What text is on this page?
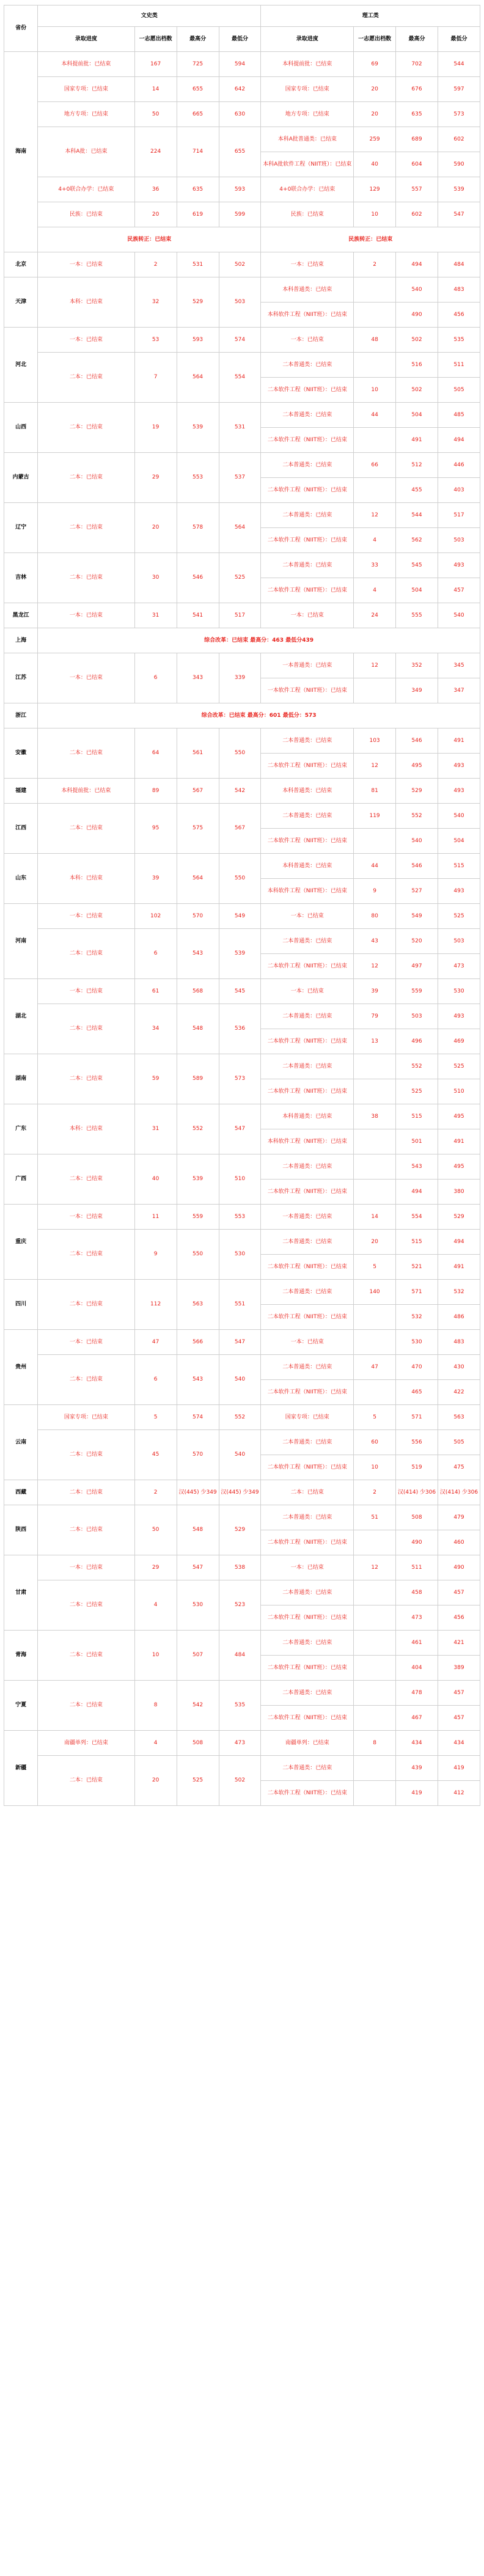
省份	文史类				理工类			
	录取进度	一志愿出档数	最高分	最低分	录取进度	一志愿出档数	最高分	最低分
海南	本科提前批：已结束	167	725	594	本科提前批：已结束	69	702	544
	国家专项：已结束	14	655	642	国家专项：已结束	20	676	597
	地方专项：已结束	50	665	630	地方专项：已结束	20	635	573
	本科A批：已结束	224	714	655	本科A批普通类：已结束	259	689	602
					本科A批软件工程（NIIT班）：已结束	40	604	590
	4+0联合办学：已结束	36	635	593	4+0联合办学：已结束	129	557	539
	民族：已结束	20	619	599	民族：已结束	10	602	547
	民族转正：已结束				民族转正：已结束			
北京	一本：已结束	2	531	502	一本：已结束	2	494	484
天津	本科：已结束	32	529	503	本科普通类：已结束		540	483
					本科软件工程（NIIT班）：已结束		490	456
河北	一本：已结束	53	593	574	一本：已结束	48	502	535
	二本：已结束	7	564	554	二本普通类：已结束		516	511
					二本软件工程（NIIT班）：已结束	10	502	505
山西	二本：已结束	19	539	531	二本普通类：已结束	44	504	485
					二本软件工程（NIIT班）：已结束		491	494
内蒙古	二本：已结束	29	553	537	二本普通类：已结束	66	512	446
					二本软件工程（NIIT班）：已结束		455	403
辽宁	二本：已结束	20	578	564	二本普通类：已结束	12	544	517
					二本软件工程（NIIT班）：已结束	4	562	503
吉林	二本：已结束	30	546	525	二本普通类：已结束	33	545	493
					二本软件工程（NIIT班）：已结束	4	504	457
黑龙江	一本：已结束	31	541	517	一本：已结束	24	555	540
上海	综合改革：已结束 最高分：463 最低分439							
江苏	一本：已结束	6	343	339	一本普通类：已结束	12	352	345
					一本软件工程（NIIT班）：已结束		349	347
浙江	综合改革：已结束 最高分：601 最低分：573							
安徽	二本：已结束	64	561	550	二本普通类：已结束	103	546	491
					二本软件工程（NIIT班）：已结束	12	495	493
福建	本科提前批：已结束	89	567	542	本科普通类：已结束	81	529	493
江西	二本：已结束	95	575	567	二本普通类：已结束	119	552	540
					二本软件工程（NIIT班）：已结束		540	504
山东	本科：已结束	39	564	550	本科普通类：已结束	44	546	515
					本科软件工程（NIIT班）：已结束	9	527	493
河南	一本：已结束	102	570	549	一本：已结束	80	549	525
	二本：已结束	6	543	539	二本普通类：已结束	43	520	503
					二本软件工程（NIIT班）：已结束	12	497	473
湖北	一本：已结束	61	568	545	一本：已结束	39	559	530
	二本：已结束	34	548	536	二本普通类：已结束	79	503	493
					二本软件工程（NIIT班）：已结束	13	496	469
湖南	二本：已结束	59	589	573	二本普通类：已结束		552	525
					二本软件工程（NIIT班）：已结束		525	510
广东	本科：已结束	31	552	547	本科普通类：已结束	38	515	495
					本科软件工程（NIIT班）：已结束		501	491
广西	二本：已结束	40	539	510	二本普通类：已结束		543	495
					二本软件工程（NIIT班）：已结束		494	380
重庆	一本：已结束	11	559	553	一本普通类：已结束	14	554	529
	二本：已结束	9	550	530	二本普通类：已结束	20	515	494
					二本软件工程（NIIT班）：已结束	5	521	491
四川	二本：已结束	112	563	551	二本普通类：已结束	140	571	532
					二本软件工程（NIIT班）：已结束		532	486
贵州	一本：已结束	47	566	547	一本：已结束		530	483
	二本：已结束	6	543	540	二本普通类：已结束	47	470	430
					二本软件工程（NIIT班）：已结束		465	422
云南	国家专项：已结束	5	574	552	国家专项：已结束	5	571	563
	二本：已结束	45	570	540	二本普通类：已结束	60	556	505
					二本软件工程（NIIT班）：已结束	10	519	475
西藏	二本：已结束	2	汉(445) 少349	汉(445) 少349	二本：已结束	2	汉(414) 少306	汉(414) 少306
陕西	二本：已结束	50	548	529	二本普通类：已结束	51	508	479
					二本软件工程（NIIT班）：已结束		490	460
甘肃	一本：已结束	29	547	538	一本：已结束	12	511	490
	二本：已结束	4	530	523	二本普通类：已结束		458	457
					二本软件工程（NIIT班）：已结束		473	456
青海	二本：已结束	10	507	484	二本普通类：已结束		461	421
					二本软件工程（NIIT班）：已结束		404	389
宁夏	二本：已结束	8	542	535	二本普通类：已结束		478	457
					二本软件工程（NIIT班）：已结束		467	457
新疆	南疆单列：已结束	4	508	473	南疆单列：已结束	8	434	434
	二本：已结束	20	525	502	二本普通类：已结束		439	419
					二本软件工程（NIIT班）：已结束		419	412
